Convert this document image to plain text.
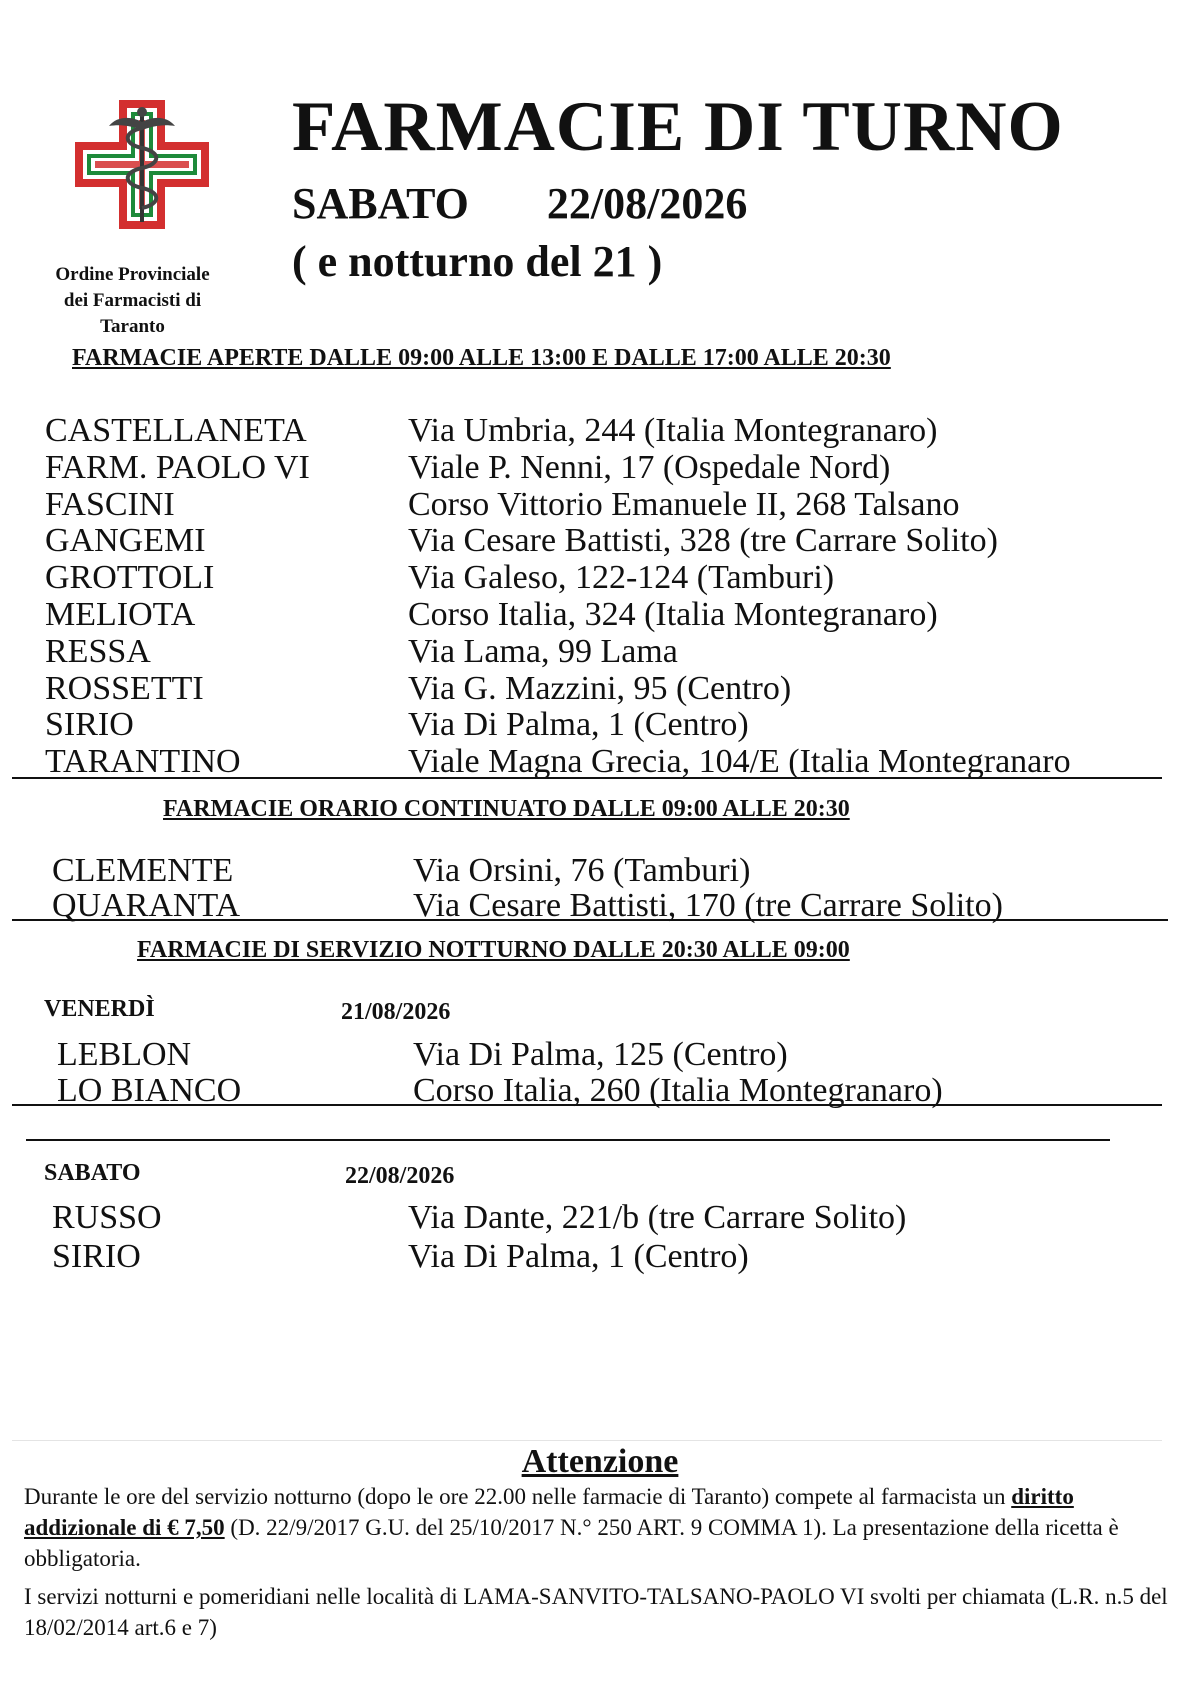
Ordine Provinciale
dei Farmacisti di
Taranto
FARMACIE DI TURNO
SABATO 22/08/2026
( e notturno del 21 )
FARMACIE APERTE DALLE 09:00 ALLE 13:00 E DALLE 17:00 ALLE 20:30
CASTELLANETA	Via Umbria, 244 (Italia Montegranaro)
FARM. PAOLO VI	Viale P. Nenni, 17 (Ospedale Nord)
FASCINI	Corso Vittorio Emanuele II, 268 Talsano
GANGEMI	Via Cesare Battisti, 328 (tre Carrare Solito)
GROTTOLI	Via Galeso, 122-124 (Tamburi)
MELIOTA	Corso Italia, 324 (Italia Montegranaro)
RESSA	Via Lama, 99 Lama
ROSSETTI	Via G. Mazzini, 95 (Centro)
SIRIO	Via Di Palma, 1 (Centro)
TARANTINO	Viale Magna Grecia, 104/E (Italia Montegranaro
FARMACIE ORARIO CONTINUATO DALLE 09:00 ALLE 20:30
CLEMENTE	Via Orsini, 76 (Tamburi)
QUARANTA	Via Cesare Battisti, 170 (tre Carrare Solito)
FARMACIE DI SERVIZIO NOTTURNO DALLE 20:30 ALLE 09:00
VENERDÌ	21/08/2026
LEBLON	Via Di Palma, 125 (Centro)
LO BIANCO	Corso Italia, 260 (Italia Montegranaro)
SABATO	22/08/2026
RUSSO	Via Dante, 221/b (tre Carrare Solito)
SIRIO	Via Di Palma, 1 (Centro)
Attenzione
Durante le ore del servizio notturno (dopo le ore 22.00 nelle farmacie di Taranto) compete al farmacista un diritto addizionale di € 7,50 (D. 22/9/2017 G.U. del 25/10/2017 N.° 250 ART. 9 COMMA 1). La presentazione della ricetta è obbligatoria.
I servizi notturni e pomeridiani nelle località di LAMA-SANVITO-TALSANO-PAOLO VI svolti per chiamata (L.R. n.5 del 18/02/2014 art.6 e 7)
